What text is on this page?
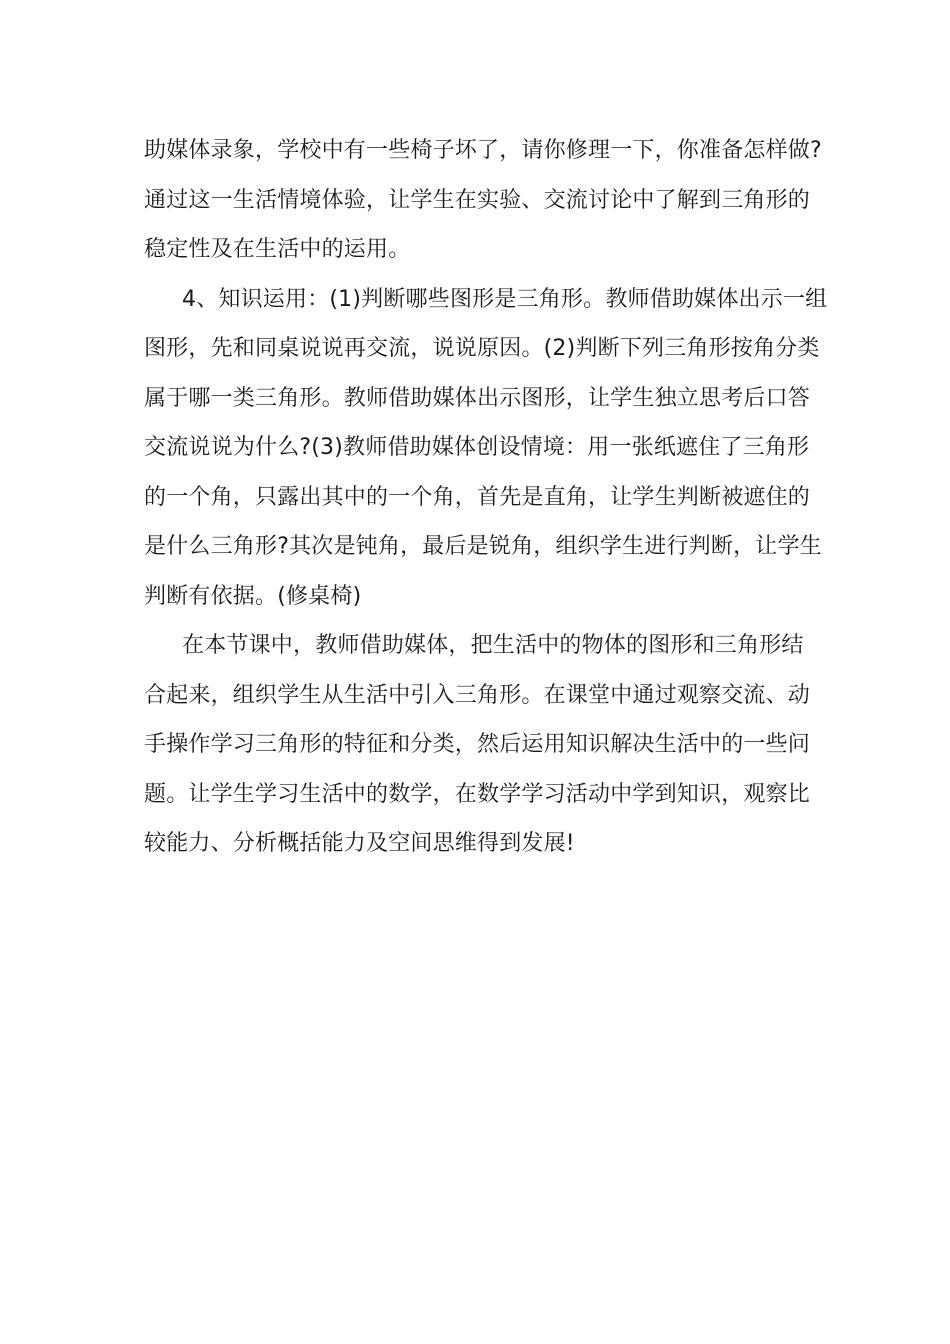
助媒体录象，学校中有一些椅子坏了，请你修理一下，你准备怎样做?
通过这一生活情境体验，让学生在实验、交流讨论中了解到三角形的
稳定性及在生活中的运用。
4、知识运用：(1)判断哪些图形是三角形。教师借助媒体出示一组
图形，先和同桌说说再交流，说说原因。(2)判断下列三角形按角分类
属于哪一类三角形。教师借助媒体出示图形，让学生独立思考后口答
交流说说为什么?(3)教师借助媒体创设情境：用一张纸遮住了三角形
的一个角，只露出其中的一个角，首先是直角，让学生判断被遮住的
是什么三角形?其次是钝角，最后是锐角，组织学生进行判断，让学生
判断有依据。(修桌椅)
在本节课中，教师借助媒体，把生活中的物体的图形和三角形结
合起来，组织学生从生活中引入三角形。在课堂中通过观察交流、动
手操作学习三角形的特征和分类，然后运用知识解决生活中的一些问
题。让学生学习生活中的数学，在数学学习活动中学到知识，观察比
较能力、分析概括能力及空间思维得到发展!
